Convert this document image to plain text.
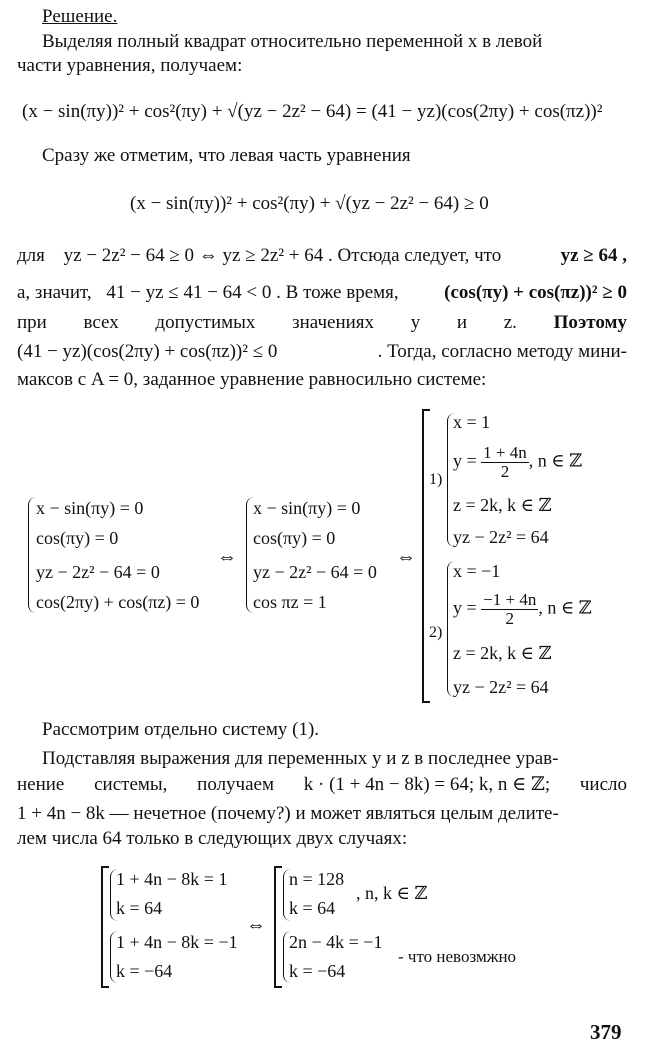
Решение.
Выделяя полный квадрат относительно переменной x в левой
части уравнения, получаем:
(x − sin(πy))² + cos²(πy) + √(yz − 2z² − 64) = (41 − yz)(cos(2πy) + cos(πz))²
Сразу же отметим, что левая часть уравнения
(x − sin(πy))² + cos²(πy) + √(yz − 2z² − 64) ≥ 0
для yz − 2z² − 64 ≥ 0 ⇔ yz ≥ 2z² + 64 . Отсюда следует, что	yz ≥ 64 ,
а, значит, 41 − yz ≤ 41 − 64 < 0 . В тоже время, (cos(πy) + cos(πz))² ≥ 0
при всех допустимых значениях y и z. Поэтому
(41 − yz)(cos(2πy) + cos(πz))² ≤ 0	. Тогда, согласно методу мини-
максов с A = 0, заданное уравнение равносильно системе:
x − sin(πy) = 0
cos(πy) = 0
yz − 2z² − 64 = 0
cos(2πy) + cos(πz) = 0
⇔
x − sin(πy) = 0
cos(πy) = 0
yz − 2z² − 64 = 0
cos πz = 1
⇔
1)
x = 1
$y = \frac{1 + 4n}{2}$ , n ∈ ℤ
z = 2k, k ∈ ℤ
yz − 2z² = 64
2)
x = −1
$y = \frac{-1 + 4n}{2}$ , n ∈ ℤ
z = 2k, k ∈ ℤ
yz − 2z² = 64
Рассмотрим отдельно систему (1).
Подставляя выражения для переменных y и z в последнее урав-
нение системы, получаем k · (1 + 4n − 8k) = 64; k, n ∈ ℤ; число
1 + 4n − 8k — нечетное (почему?) и может являться целым делите-
лем числа 64 только в следующих двух случаях:
1 + 4n − 8k = 1
k = 64
1 + 4n − 8k = −1
k = −64
⇔
n = 128
k = 64
, n, k ∈ ℤ
2n − 4k = −1
k = −64
- что невозмжно
379
